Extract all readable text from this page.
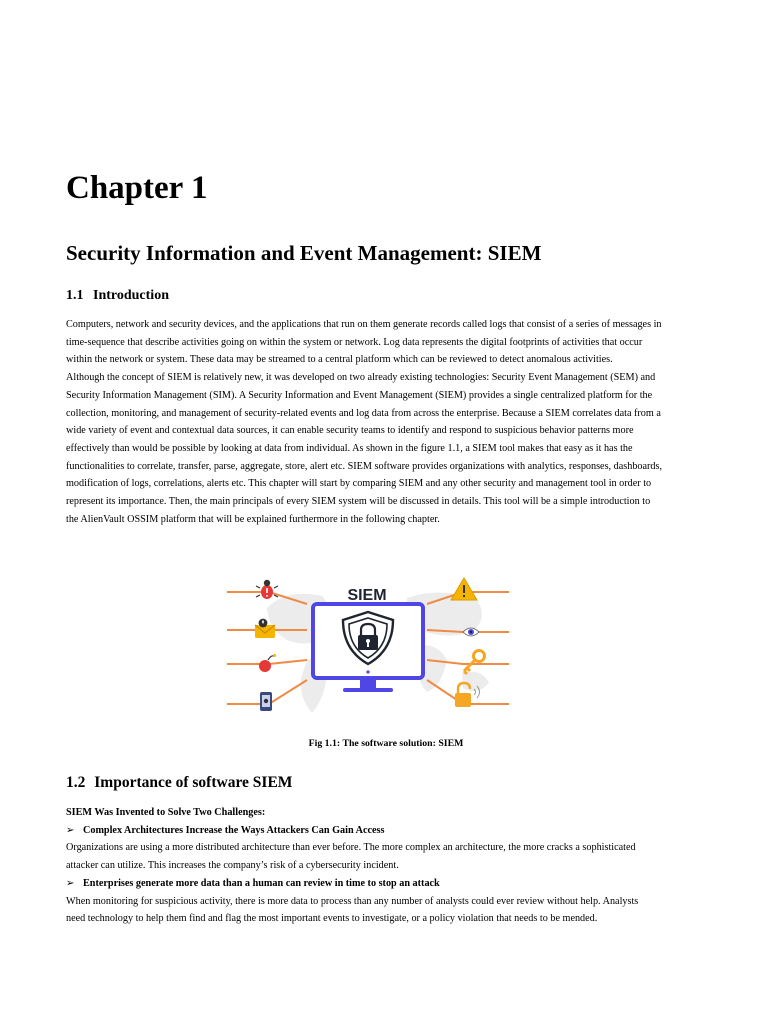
Chapter 1
Security Information and Event Management: SIEM
1.1 Introduction

Computers, network and security devices, and the applications that run on them generate records called logs that consist of a series of messages in

time-sequence that describe activities going on within the system or network. Log data represents the digital footprints of activities that occur

within the network or system. These data may be streamed to a central platform which can be reviewed to detect anomalous activities.

Although the concept of SIEM is relatively new, it was developed on two already existing technologies: Security Event Management (SEM) and

Security Information Management (SIM). A Security Information and Event Management (SIEM) provides a single centralized platform for the

collection, monitoring, and management of security-related events and log data from across the enterprise. Because a SIEM correlates data from a

wide variety of event and contextual data sources, it can enable security teams to identify and respond to suspicious behavior patterns more

effectively than would be possible by looking at data from individual. As shown in the figure 1.1, a SIEM tool makes that easy as it has the

functionalities to correlate, transfer, parse, aggregate, store, alert etc. SIEM software provides organizations with analytics, responses, dashboards,

modification of logs, correlations, alerts etc. This chapter will start by comparing SIEM and any other security and management tool in order to

represent its importance. Then, the main principals of every SIEM system will be discussed in details. This tool will be a simple introduction to

the AlienVault OSSIM platform that will be explained furthermore in the following chapter.

SIEM
Fig 1.1: The software solution: SIEM
1.2 Importance of software SIEM

SIEM Was Invented to Solve Two Challenges:

➢ Complex Architectures Increase the Ways Attackers Can Gain Access

Organizations are using a more distributed architecture than ever before. The more complex an architecture, the more cracks a sophisticated

attacker can utilize. This increases the company’s risk of a cybersecurity incident.

➢ Enterprises generate more data than a human can review in time to stop an attack

When monitoring for suspicious activity, there is more data to process than any number of analysts could ever review without help. Analysts

need technology to help them find and flag the most important events to investigate, or a policy violation that needs to be mended.
